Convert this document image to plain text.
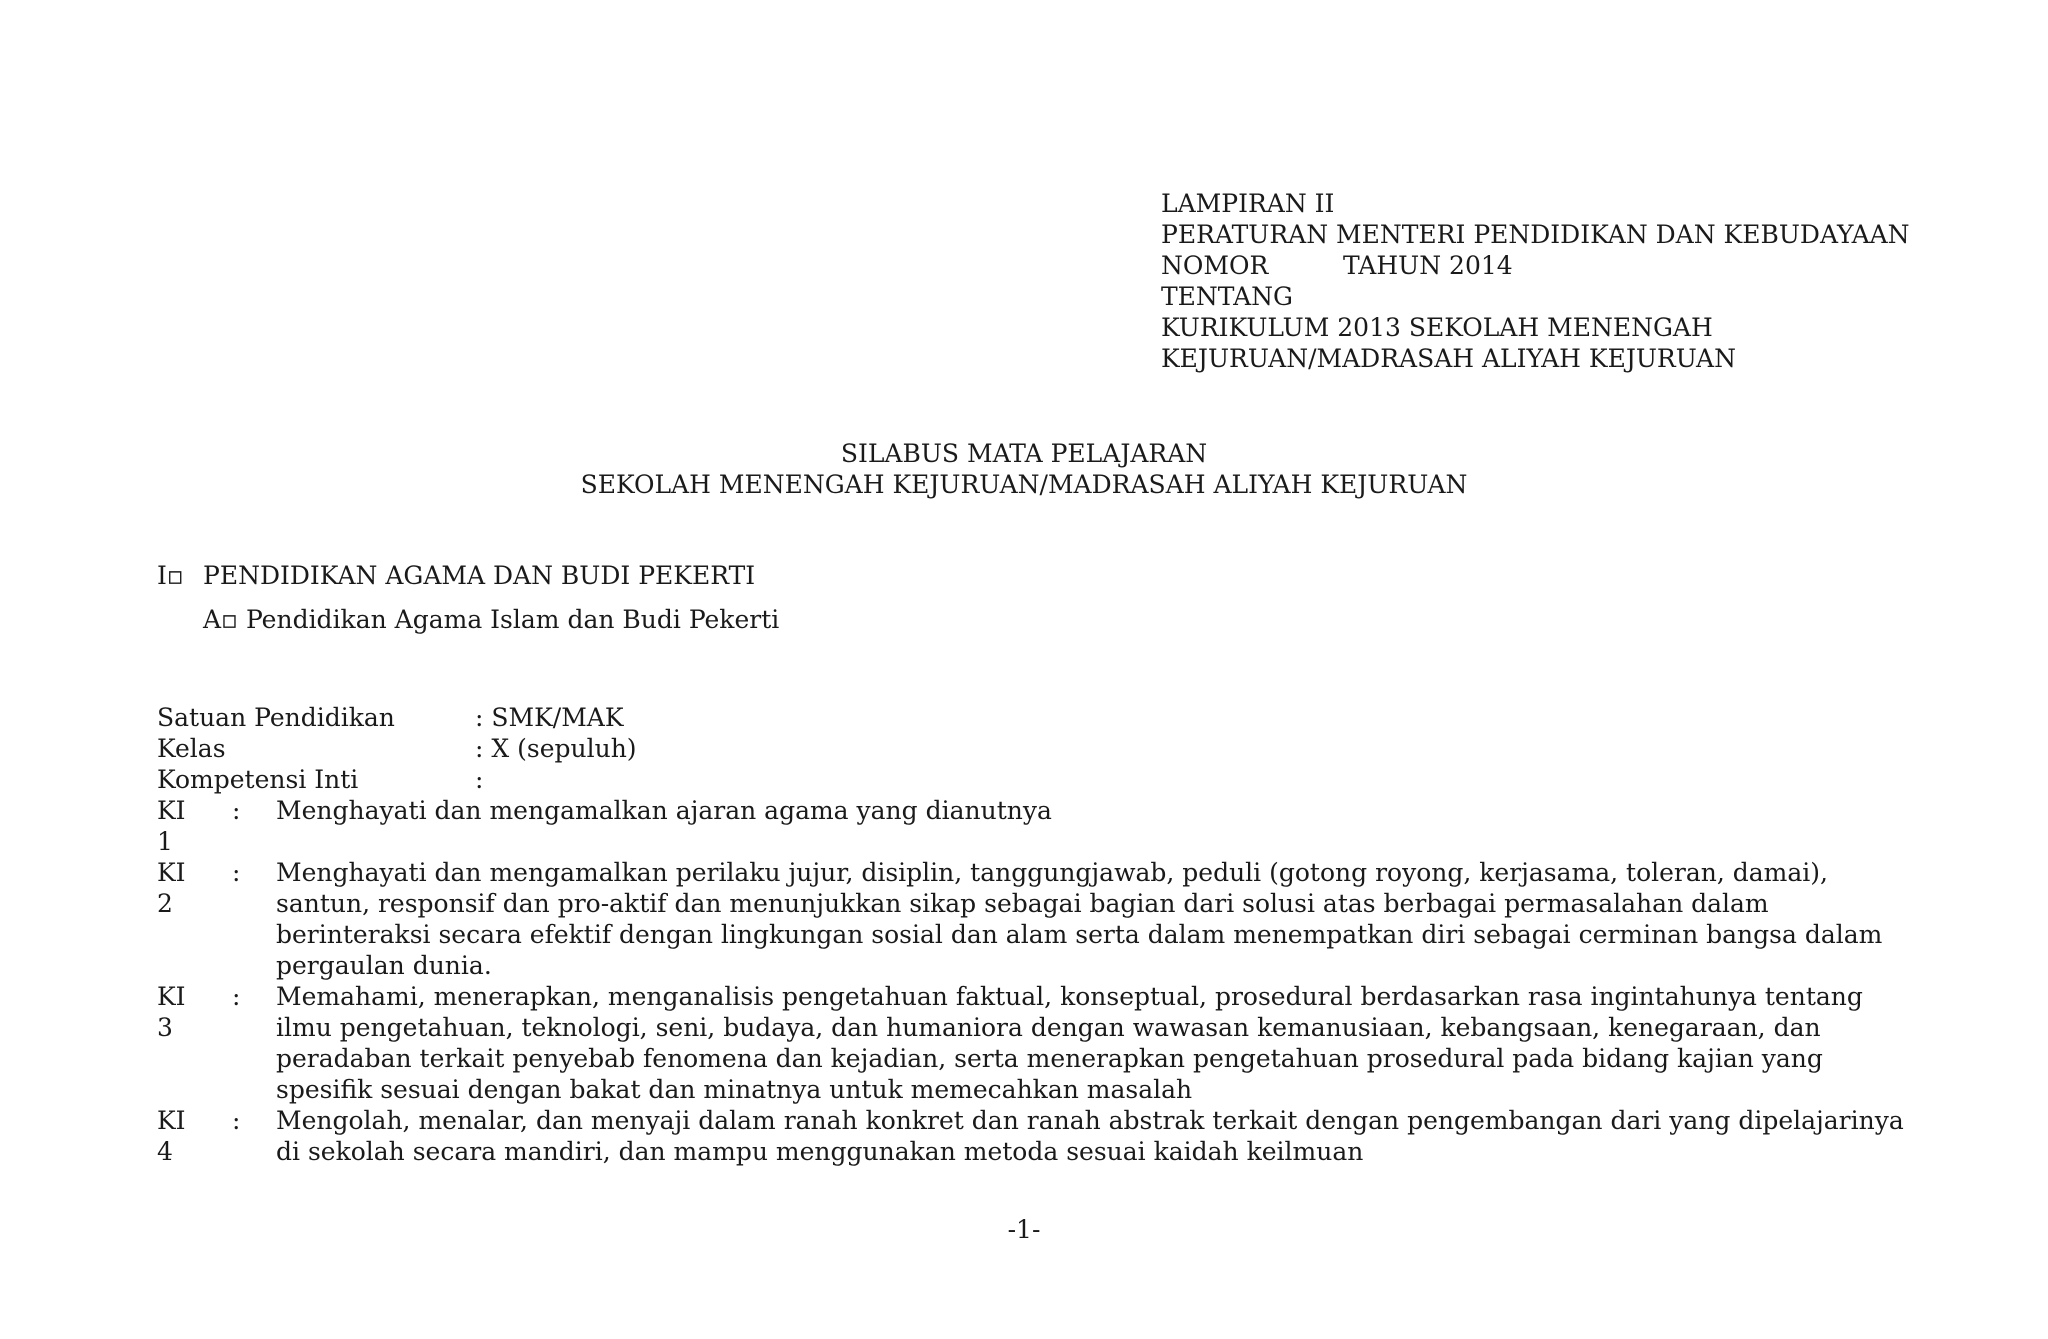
LAMPIRAN II
PERATURAN MENTERI PENDIDIKAN DAN KEBUDAYAAN
NOMOR	TAHUN 2014
TENTANG
KURIKULUM 2013 SEKOLAH MENENGAH
KEJURUAN/MADRASAH ALIYAH KEJURUAN
SILABUS MATA PELAJARAN
SEKOLAH MENENGAH KEJURUAN/MADRASAH ALIYAH KEJURUAN
I▫ PENDIDIKAN AGAMA DAN BUDI PEKERTI
A▫ Pendidikan Agama Islam dan Budi Pekerti
Satuan Pendidikan	: SMK/MAK
Kelas	: X (sepuluh)
Kompetensi Inti	:
KI
1
:	Menghayati dan mengamalkan ajaran agama yang dianutnya
KI
2
:	Menghayati dan mengamalkan perilaku jujur, disiplin, tanggungjawab, peduli (gotong royong, kerjasama, toleran, damai), santun, responsif dan pro-aktif dan menunjukkan sikap sebagai bagian dari solusi atas berbagai permasalahan dalam berinteraksi secara efektif dengan lingkungan sosial dan alam serta dalam menempatkan diri sebagai cerminan bangsa dalam pergaulan dunia.
KI
3
:	Memahami, menerapkan, menganalisis pengetahuan faktual, konseptual, prosedural berdasarkan rasa ingintahunya tentang ilmu pengetahuan, teknologi, seni, budaya, dan humaniora dengan wawasan kemanusiaan, kebangsaan, kenegaraan, dan peradaban terkait penyebab fenomena dan kejadian, serta menerapkan pengetahuan prosedural pada bidang kajian yang spesifik sesuai dengan bakat dan minatnya untuk memecahkan masalah
KI
4
:	Mengolah, menalar, dan menyaji dalam ranah konkret dan ranah abstrak terkait dengan pengembangan dari yang dipelajarinya di sekolah secara mandiri, dan mampu menggunakan metoda sesuai kaidah keilmuan
-1-
